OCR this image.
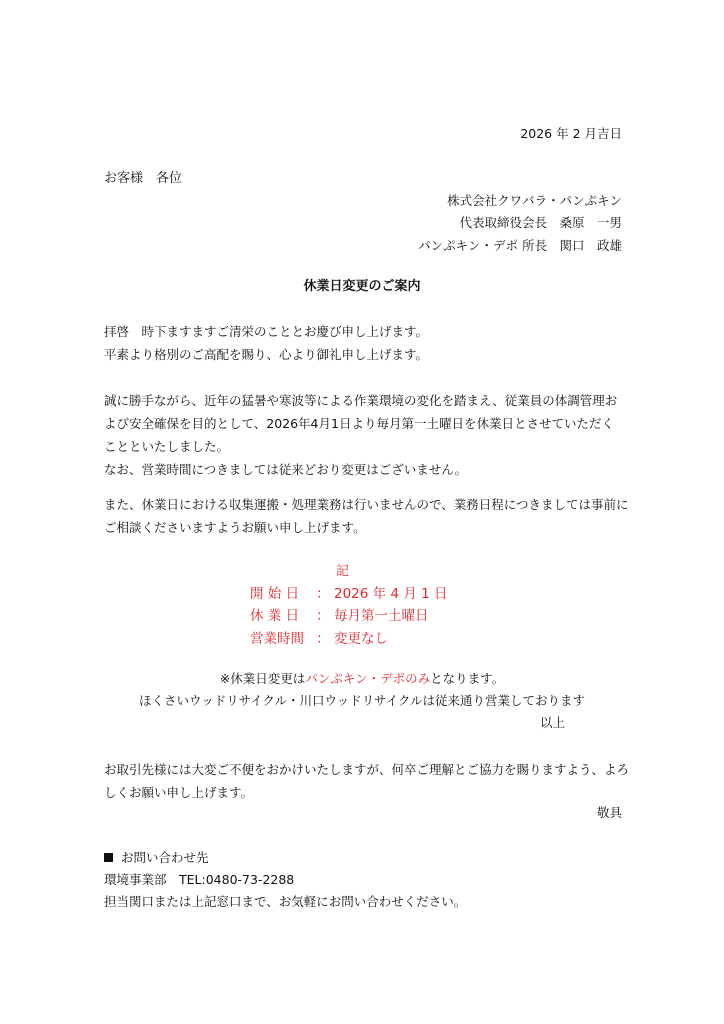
2026 年 2 月吉日
お客様　各位
株式会社クワバラ・パンぷキン
代表取締役会長　桑原　一男
パンぷキン・デポ 所長　関口　政雄
休業日変更のご案内
拝啓　時下ますますご清栄のこととお慶び申し上げます。
平素より格別のご高配を賜り、心より御礼申し上げます。
誠に勝手ながら、近年の猛暑や寒波等による作業環境の変化を踏まえ、従業員の体調管理お
よび安全確保を目的として、2026年4月1日より毎月第一土曜日を休業日とさせていただく
ことといたしました。
なお、営業時間につきましては従来どおり変更はございません。
また、休業日における収集運搬・処理業務は行いませんので、業務日程につきましては事前に
ご相談くださいますようお願い申し上げます。
記
開 始 日 ： 2026 年 4 月 1 日
休 業 日 ： 毎月第一土曜日
営業時間 ： 変更なし
※休業日変更はパンぷキン・デポのみとなります。
ほくさいウッドリサイクル・川口ウッドリサイクルは従来通り営業しております
以上
お取引先様には大変ご不便をおかけいたしますが、何卒ご理解とご協力を賜りますよう、よろ
しくお願い申し上げます。
敬具
お問い合わせ先
環境事業部　TEL:0480-73-2288
担当関口または上記窓口まで、お気軽にお問い合わせください。
